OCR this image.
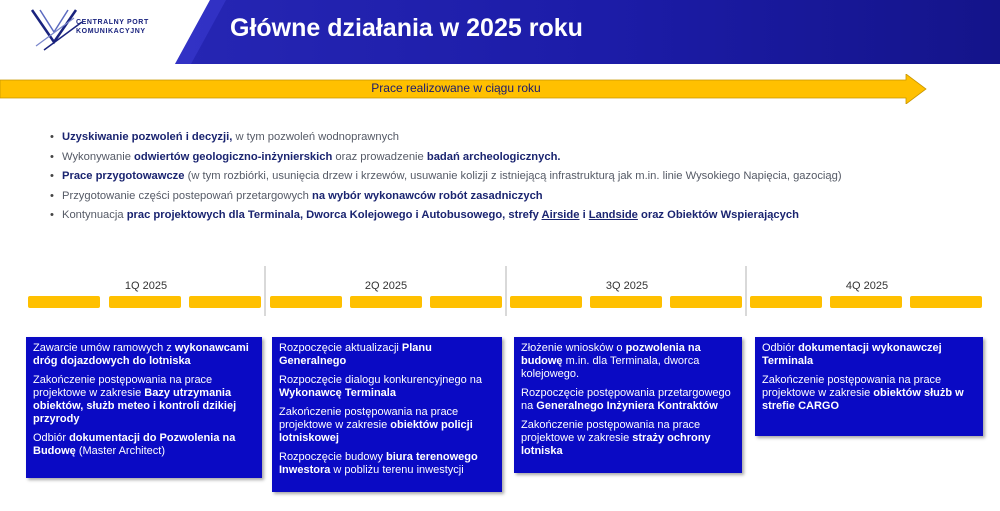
CENTRALNY PORT
KOMUNIKACYJNY	Główne działania w 2025 roku
Prace realizowane w ciągu roku
• Uzyskiwanie pozwoleń i decyzji, w tym pozwoleń wodnoprawnych
• Wykonywanie odwiertów geologiczno-inżynierskich oraz prowadzenie badań archeologicznych.
• Prace przygotowawcze (w tym rozbiórki, usunięcia drzew i krzewów, usuwanie kolizji z istniejącą infrastrukturą jak m.in. linie Wysokiego Napięcia, gazociąg)
• Przygotowanie części postepowań przetargowych na wybór wykonawców robót zasadniczych
• Kontynuacja prac projektowych dla Terminala, Dworca Kolejowego i Autobusowego, strefy Airside i Landside oraz Obiektów Wspierających
1Q 2025	2Q 2025	3Q 2025	4Q 2025

Zawarcie umów ramowych z wykonawcami dróg dojazdowych do lotniska

Zakończenie postępowania na prace projektowe w zakresie Bazy utrzymania obiektów, służb meteo i kontroli dzikiej przyrody

Odbiór dokumentacji do Pozwolenia na Budowę (Master Architect)

Rozpoczęcie aktualizacji Planu Generalnego

Rozpoczęcie dialogu konkurencyjnego na Wykonawcę Terminala

Zakończenie postępowania na prace projektowe w zakresie obiektów policji lotniskowej

Rozpoczęcie budowy biura terenowego Inwestora w pobliżu terenu inwestycji

Złożenie wniosków o pozwolenia na budowę m.in. dla Terminala, dworca kolejowego.

Rozpoczęcie postępowania przetargowego na Generalnego Inżyniera Kontraktów

Zakończenie postępowania na prace projektowe w zakresie straży ochrony lotniska

Odbiór dokumentacji wykonawczej Terminala

Zakończenie postępowania na prace projektowe w zakresie obiektów służb w strefie CARGO
